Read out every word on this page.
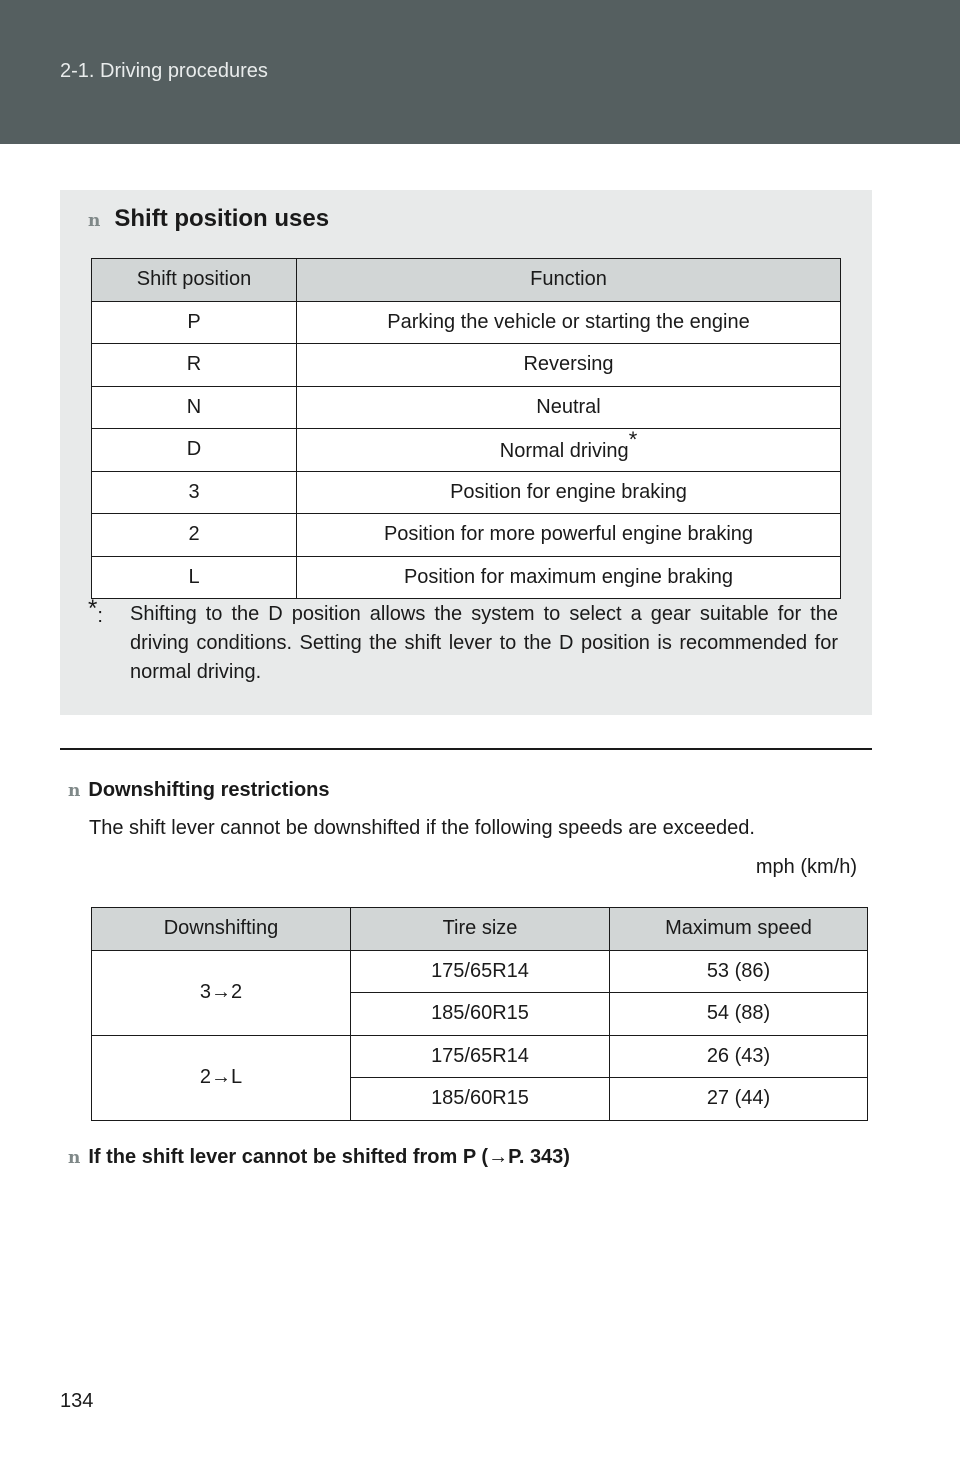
2-1. Driving procedures
n Shift position uses
Shift position	Function
P	Parking the vehicle or starting the engine
R	Reversing
N	Neutral
D	Normal driving*
3	Position for engine braking
2	Position for more powerful engine braking
L	Position for maximum engine braking
*: Shifting to the D position allows the system to select a gear suitable for the driving conditions. Setting the shift lever to the D position is recommended for normal driving.
n Downshifting restrictions
The shift lever cannot be downshifted if the following speeds are exceeded.
mph (km/h)
Downshifting	Tire size	Maximum speed
3→2	175/65R14	53 (86)
	185/60R15	54 (88)
2→L	175/65R14	26 (43)
	185/60R15	27 (44)
n If the shift lever cannot be shifted from P (→P. 343)
134
